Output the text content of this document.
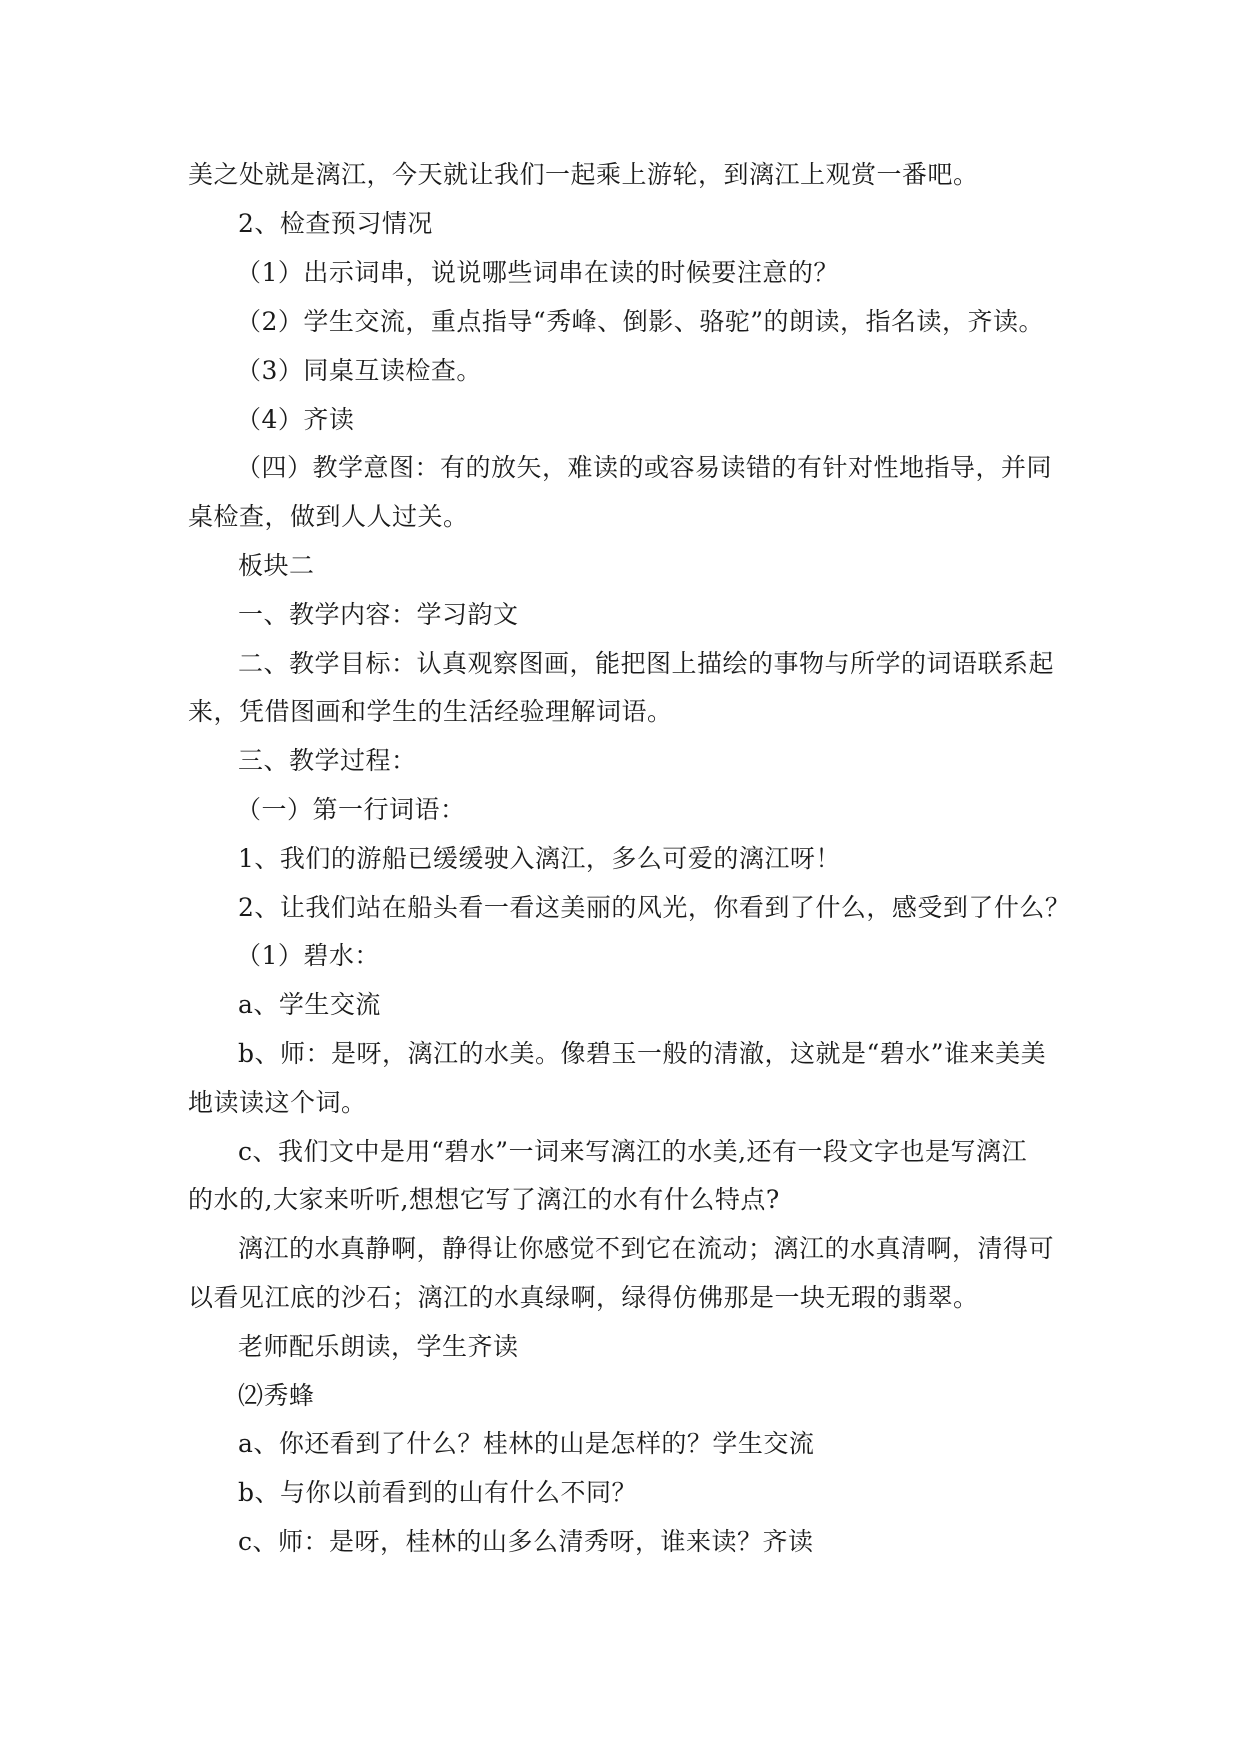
美之处就是漓江，今天就让我们一起乘上游轮，到漓江上观赏一番吧。
2、检查预习情况
（1）出示词串，说说哪些词串在读的时候要注意的？
（2）学生交流，重点指导“秀峰、倒影、骆驼”的朗读，指名读，齐读。
（3）同桌互读检查。
（4）齐读
（四）教学意图：有的放矢，难读的或容易读错的有针对性地指导，并同
桌检查，做到人人过关。
板块二
一、教学内容：学习韵文
二、教学目标：认真观察图画，能把图上描绘的事物与所学的词语联系起
来，凭借图画和学生的生活经验理解词语。
三、教学过程：
（一）第一行词语：
1、我们的游船已缓缓驶入漓江，多么可爱的漓江呀！
2、让我们站在船头看一看这美丽的风光，你看到了什么，感受到了什么？
（1）碧水：
a、学生交流
b、师：是呀，漓江的水美。像碧玉一般的清澈，这就是“碧水”谁来美美
地读读这个词。
c、我们文中是用“碧水”一词来写漓江的水美,还有一段文字也是写漓江
的水的,大家来听听,想想它写了漓江的水有什么特点?
漓江的水真静啊，静得让你感觉不到它在流动；漓江的水真清啊，清得可
以看见江底的沙石；漓江的水真绿啊，绿得仿佛那是一块无瑕的翡翠。
老师配乐朗读，学生齐读
⑵秀蜂
a、你还看到了什么？桂林的山是怎样的？学生交流
b、与你以前看到的山有什么不同？
c、师：是呀，桂林的山多么清秀呀，谁来读？齐读
